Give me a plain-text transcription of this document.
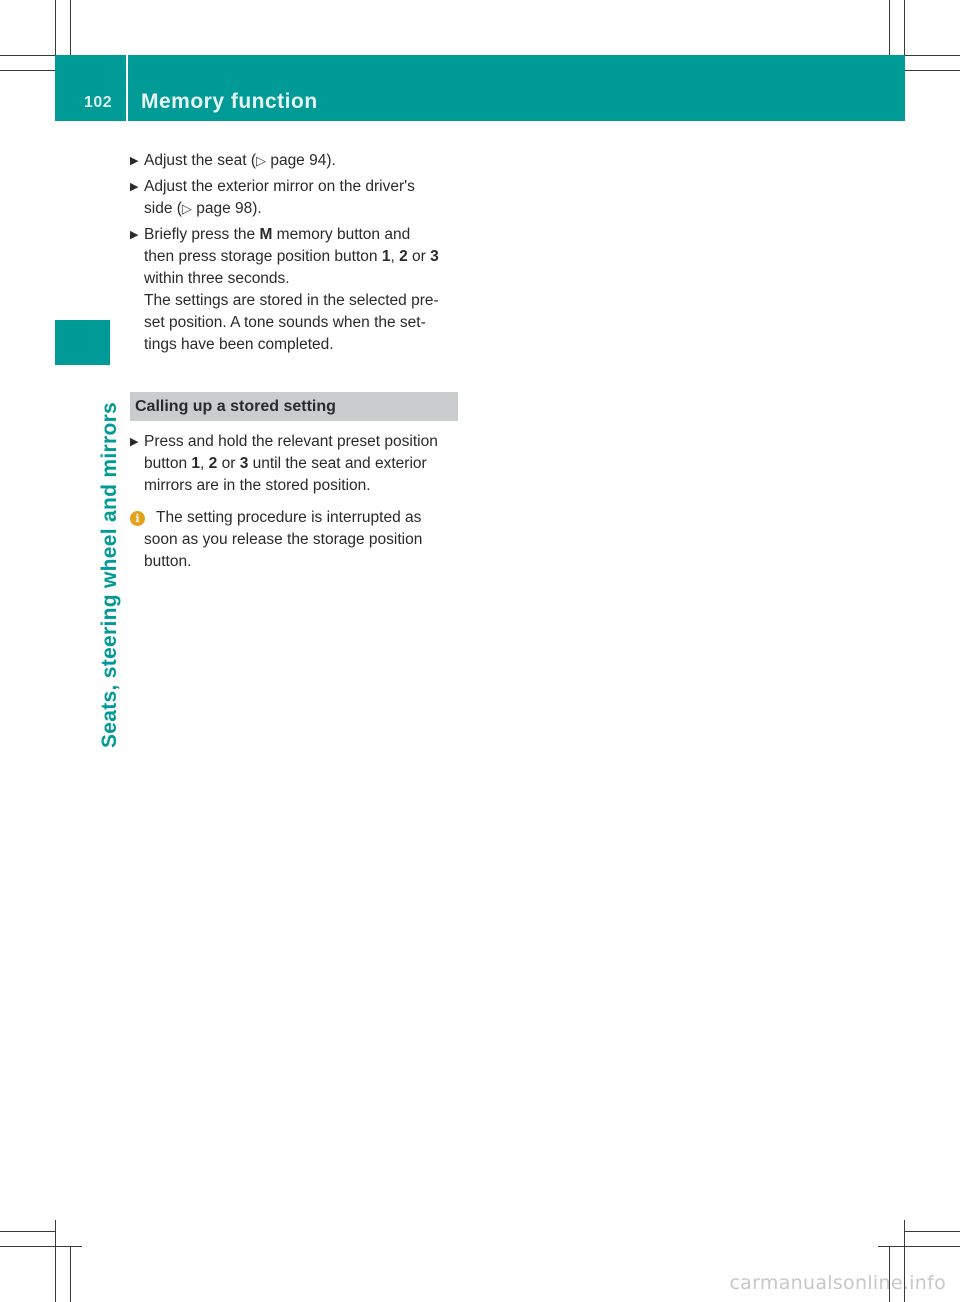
102	Memory function
Seats, steering wheel and mirrors
▶ Adjust the seat (▷ page 94).
▶ Adjust the exterior mirror on the driver's
side (▷ page 98).
▶ Briefly press the M memory button and
then press storage position button 1, 2 or 3
within three seconds.
The settings are stored in the selected pre-
set position. A tone sounds when the set-
tings have been completed.
Calling up a stored setting
▶ Press and hold the relevant preset position
button 1, 2 or 3 until the seat and exterior
mirrors are in the stored position.
i	The setting procedure is interrupted as
soon as you release the storage position
button.
carmanualsonline.info
